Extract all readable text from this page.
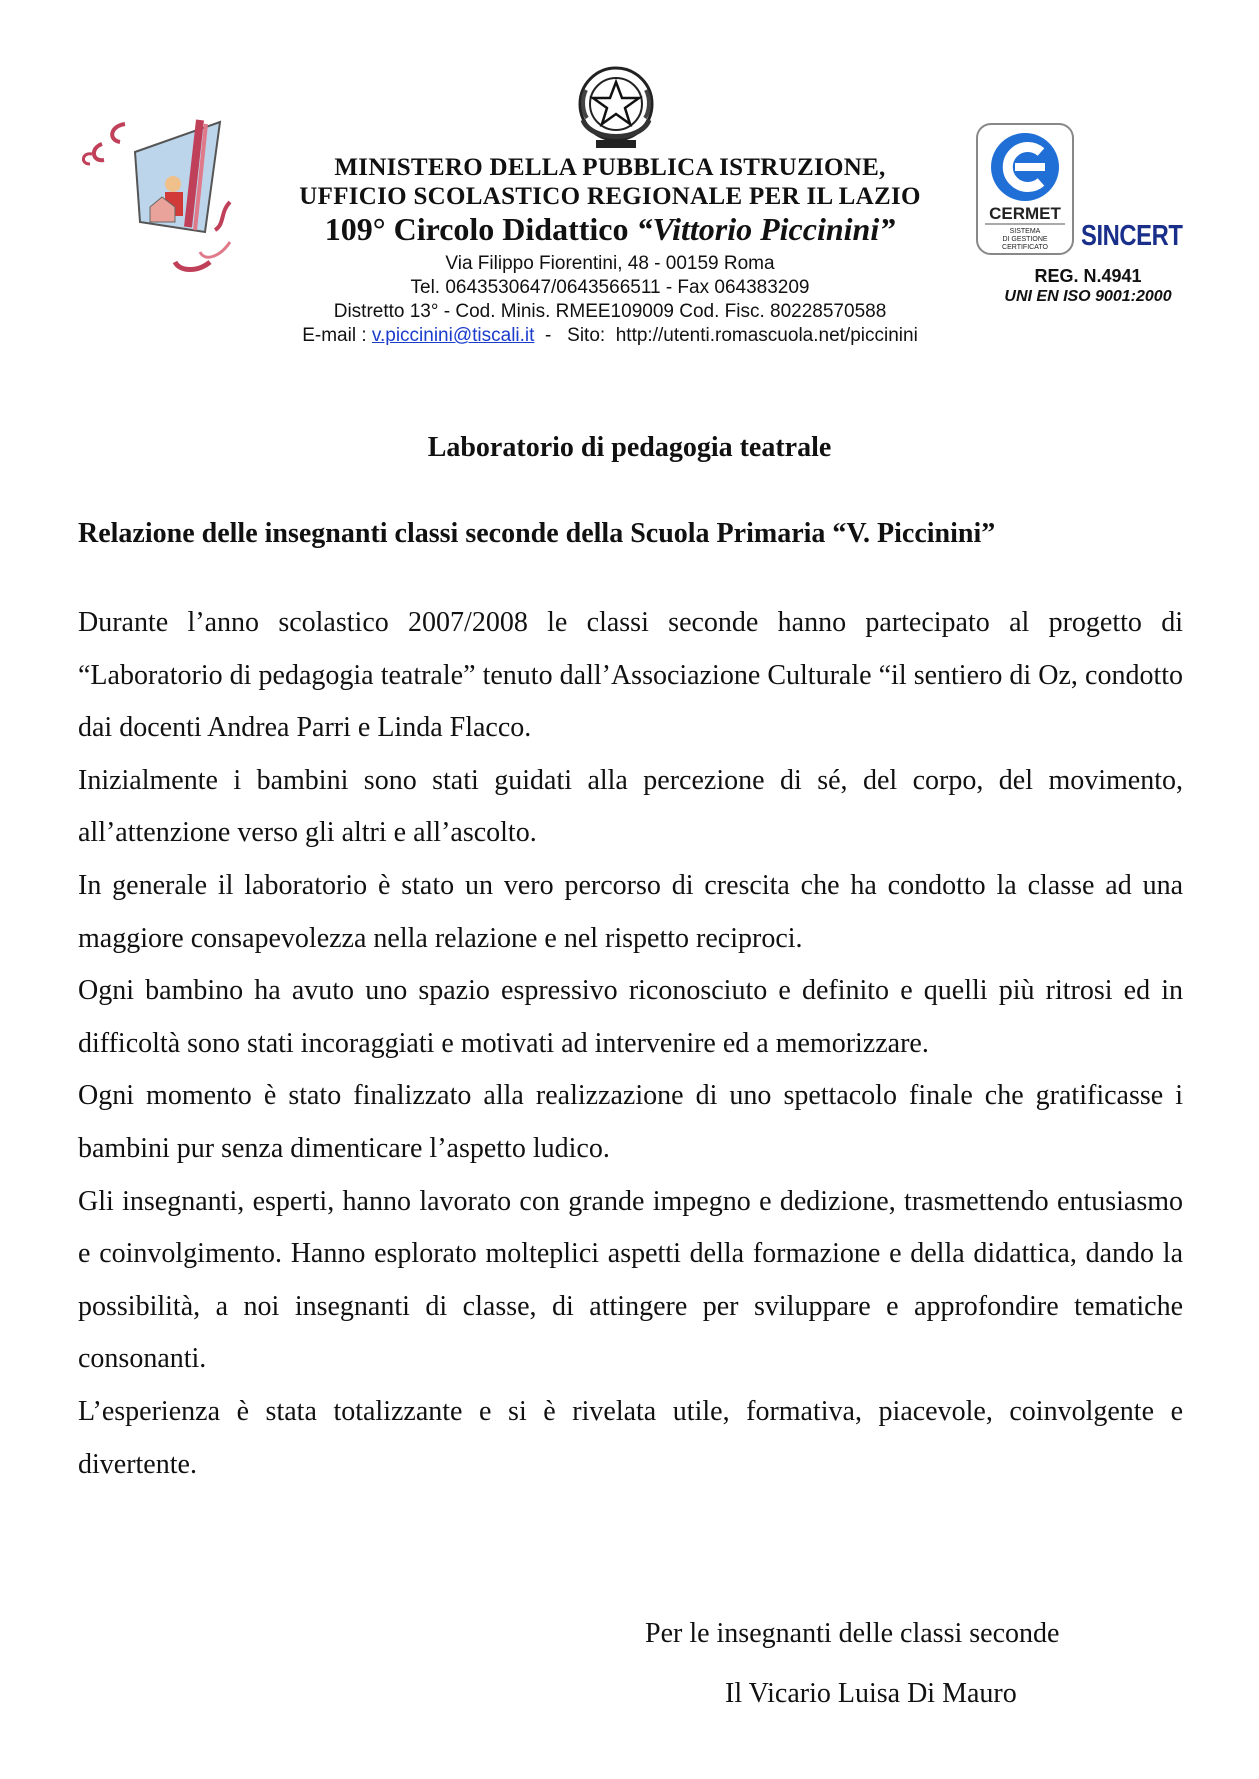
MINISTERO DELLA PUBBLICA ISTRUZIONE,
UFFICIO SCOLASTICO REGIONALE PER IL LAZIO
109° Circolo Didattico “Vittorio Piccinini”
Via Filippo Fiorentini, 48 - 00159 Roma
Tel. 0643530647/0643566511 - Fax 064383209
Distretto 13° - Cod. Minis. RMEE109009 Cod. Fisc. 80228570588
E-mail : v.piccinini@tiscali.it  -   Sito:  http://utenti.romascuola.net/piccinini
CERMET
SISTEMA
DI GESTIONE
CERTIFICATO SINCERT
REG. N.4941
UNI EN ISO 9001:2000
Laboratorio di pedagogia teatrale
Relazione delle insegnanti classi seconde della Scuola Primaria “V. Piccinini”

Durante l’anno scolastico 2007/2008 le classi seconde hanno partecipato al progetto di “Laboratorio di pedagogia teatrale” tenuto dall’Associazione Culturale “il sentiero di Oz, condotto dai docenti Andrea Parri e Linda Flacco.

Inizialmente i bambini sono stati guidati alla percezione di sé, del corpo, del movimento, all’attenzione verso gli altri e all’ascolto.

In generale il laboratorio è stato un vero percorso di crescita che ha condotto la classe ad una maggiore consapevolezza nella relazione e nel rispetto reciproci.

Ogni bambino ha avuto uno spazio espressivo riconosciuto e definito e quelli più ritrosi ed in difficoltà sono stati incoraggiati e motivati ad intervenire ed a memorizzare.

Ogni momento è stato finalizzato alla realizzazione di uno spettacolo finale che gratificasse i bambini pur senza dimenticare l’aspetto ludico.

Gli insegnanti, esperti, hanno lavorato con grande impegno e dedizione, trasmettendo entusiasmo e coinvolgimento. Hanno esplorato molteplici aspetti della formazione e della didattica, dando la possibilità, a noi insegnanti di classe, di attingere per sviluppare e approfondire tematiche consonanti.

L’esperienza è stata totalizzante e si è rivelata utile, formativa, piacevole, coinvolgente e divertente.

Per le insegnanti delle classi seconde
Il Vicario Luisa Di Mauro
